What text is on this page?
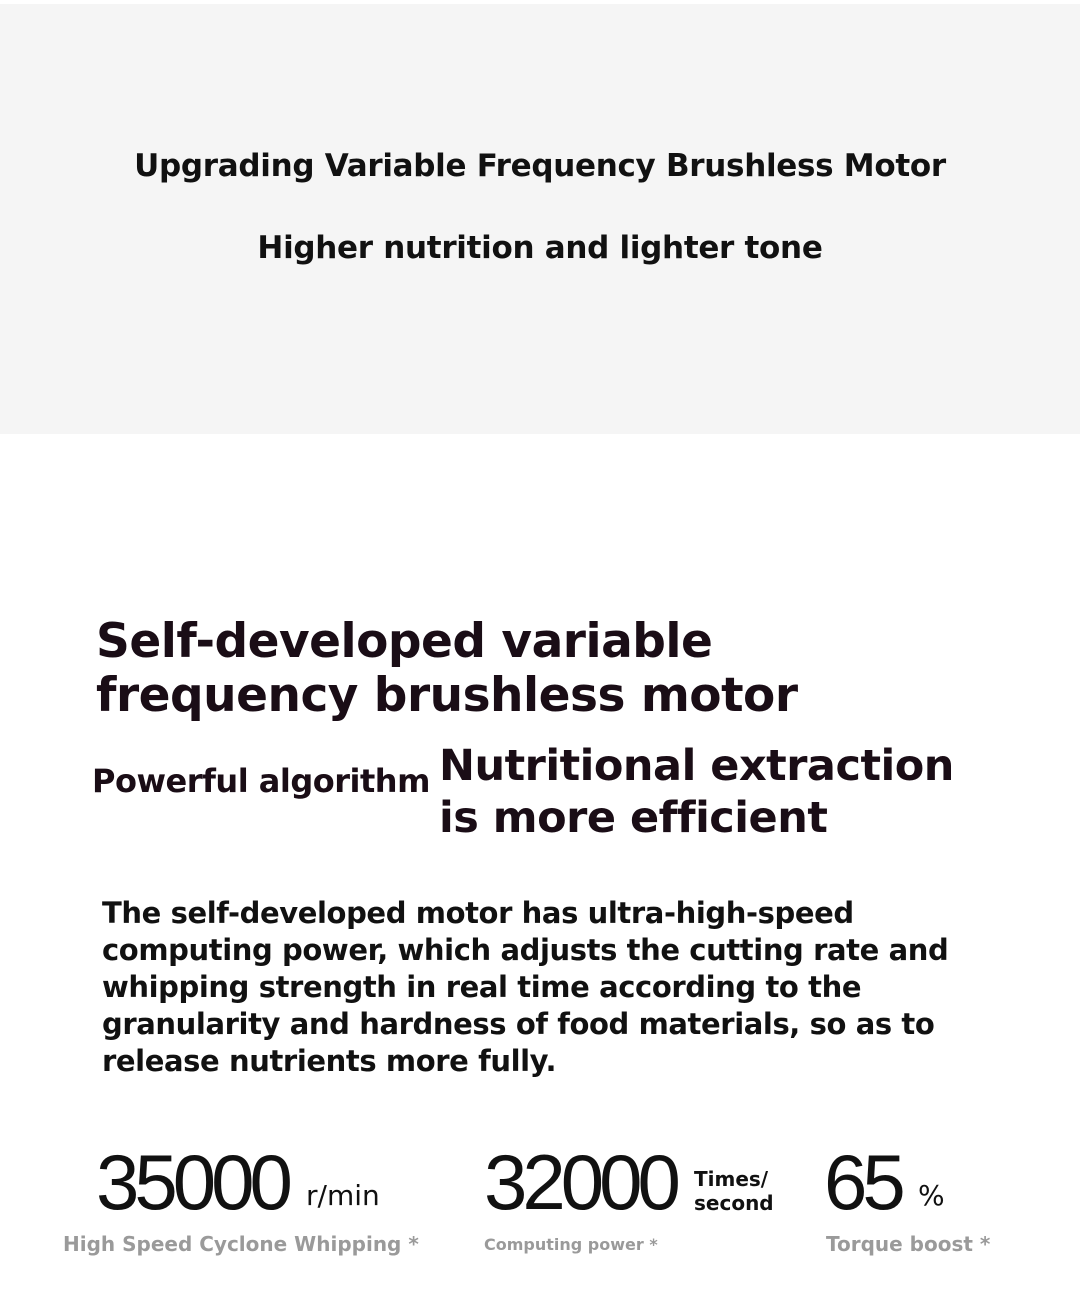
Upgrading Variable Frequency Brushless Motor
Higher nutrition and lighter tone
Self-developed variable frequency brushless motor
Powerful algorithm Nutritional extraction is more efficient
The self-developed motor has ultra-high-speed computing power, which adjusts the cutting rate and whipping strength in real time according to the granularity and hardness of food materials, so as to release nutrients more fully.
35000 r/min
High Speed Cyclone Whipping *
32000 Times/
second
Computing power *
65 %
Torque boost *
